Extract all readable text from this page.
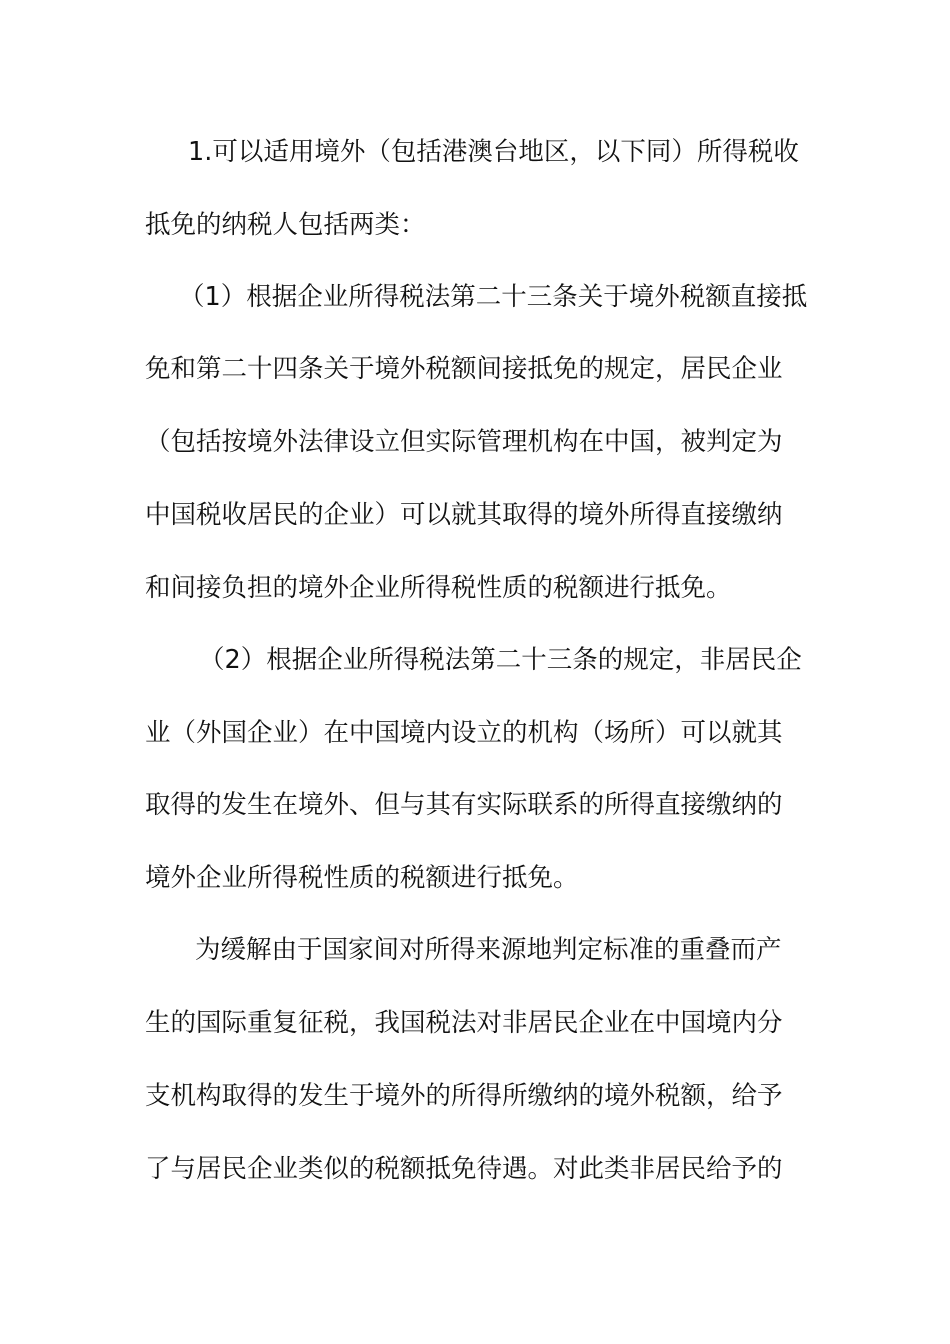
1.可以适用境外（包括港澳台地区，以下同）所得税收
抵免的纳税人包括两类：
（1）根据企业所得税法第二十三条关于境外税额直接抵
免和第二十四条关于境外税额间接抵免的规定，居民企业
（包括按境外法律设立但实际管理机构在中国，被判定为
中国税收居民的企业）可以就其取得的境外所得直接缴纳
和间接负担的境外企业所得税性质的税额进行抵免。
（2）根据企业所得税法第二十三条的规定，非居民企
业（外国企业）在中国境内设立的机构（场所）可以就其
取得的发生在境外、但与其有实际联系的所得直接缴纳的
境外企业所得税性质的税额进行抵免。
为缓解由于国家间对所得来源地判定标准的重叠而产
生的国际重复征税，我国税法对非居民企业在中国境内分
支机构取得的发生于境外的所得所缴纳的境外税额，给予
了与居民企业类似的税额抵免待遇。对此类非居民给予的
